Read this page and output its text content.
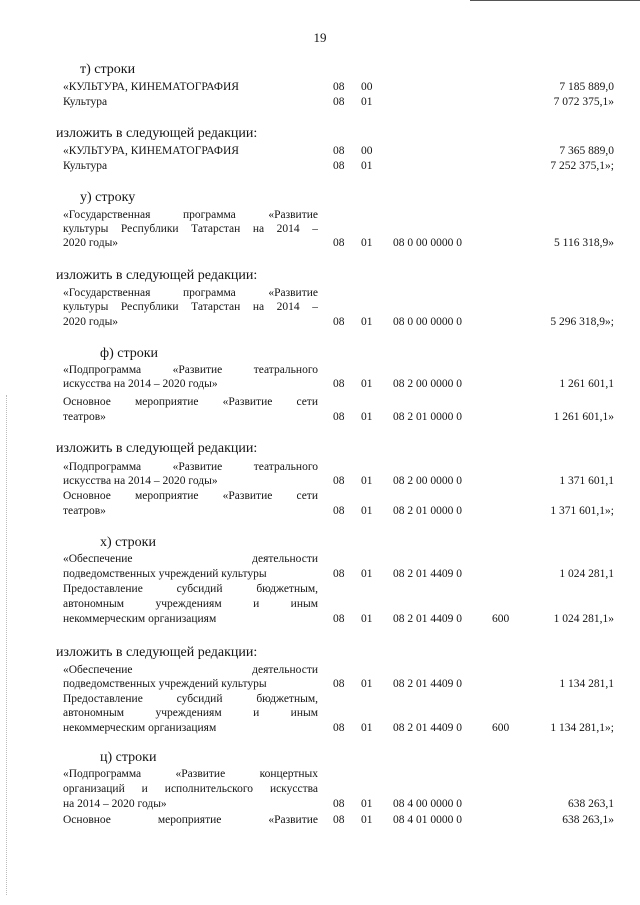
19
т) строки
«КУЛЬТУРА, КИНЕМАТОГРАФИЯ	08 00	7 185 889,0
Культура	08 01	7 072 375,1»
изложить в следующей редакции:
«КУЛЬТУРА, КИНЕМАТОГРАФИЯ	08 00	7 365 889,0
Культура	08 01	7 252 375,1»;
у) строку
«Государственная программа «Развитие
культуры Республики Татарстан на 2014 –
2020 годы»	08 01 08 0 00 0000 0	5 116 318,9»
изложить в следующей редакции:
«Государственная программа «Развитие
культуры Республики Татарстан на 2014 –
2020 годы»	08 01 08 0 00 0000 0	5 296 318,9»;
ф) строки
«Подпрограмма «Развитие театрального
искусства на 2014 – 2020 годы»	08 01 08 2 00 0000 0	1 261 601,1
Основное мероприятие «Развитие сети
театров»	08 01 08 2 01 0000 0	1 261 601,1»
изложить в следующей редакции:
«Подпрограмма «Развитие театрального
искусства на 2014 – 2020 годы»	08 01 08 2 00 0000 0	1 371 601,1
Основное мероприятие «Развитие сети
театров»	08 01 08 2 01 0000 0	1 371 601,1»;
х) строки
«Обеспечение деятельности
подведомственных учреждений культуры	08 01 08 2 01 4409 0	1 024 281,1
Предоставление субсидий бюджетным,
автономным учреждениям и иным
некоммерческим организациям	08 01 08 2 01 4409 0	600	1 024 281,1»
изложить в следующей редакции:
«Обеспечение деятельности
подведомственных учреждений культуры	08 01 08 2 01 4409 0	1 134 281,1
Предоставление субсидий бюджетным,
автономным учреждениям и иным
некоммерческим организациям	08 01 08 2 01 4409 0	600	1 134 281,1»;
ц) строки
«Подпрограмма «Развитие концертных
организаций и исполнительского искусства
на 2014 – 2020 годы»	08 01 08 4 00 0000 0	638 263,1
Основное мероприятие «Развитие 08 01 08 4 01 0000 0	638 263,1»
